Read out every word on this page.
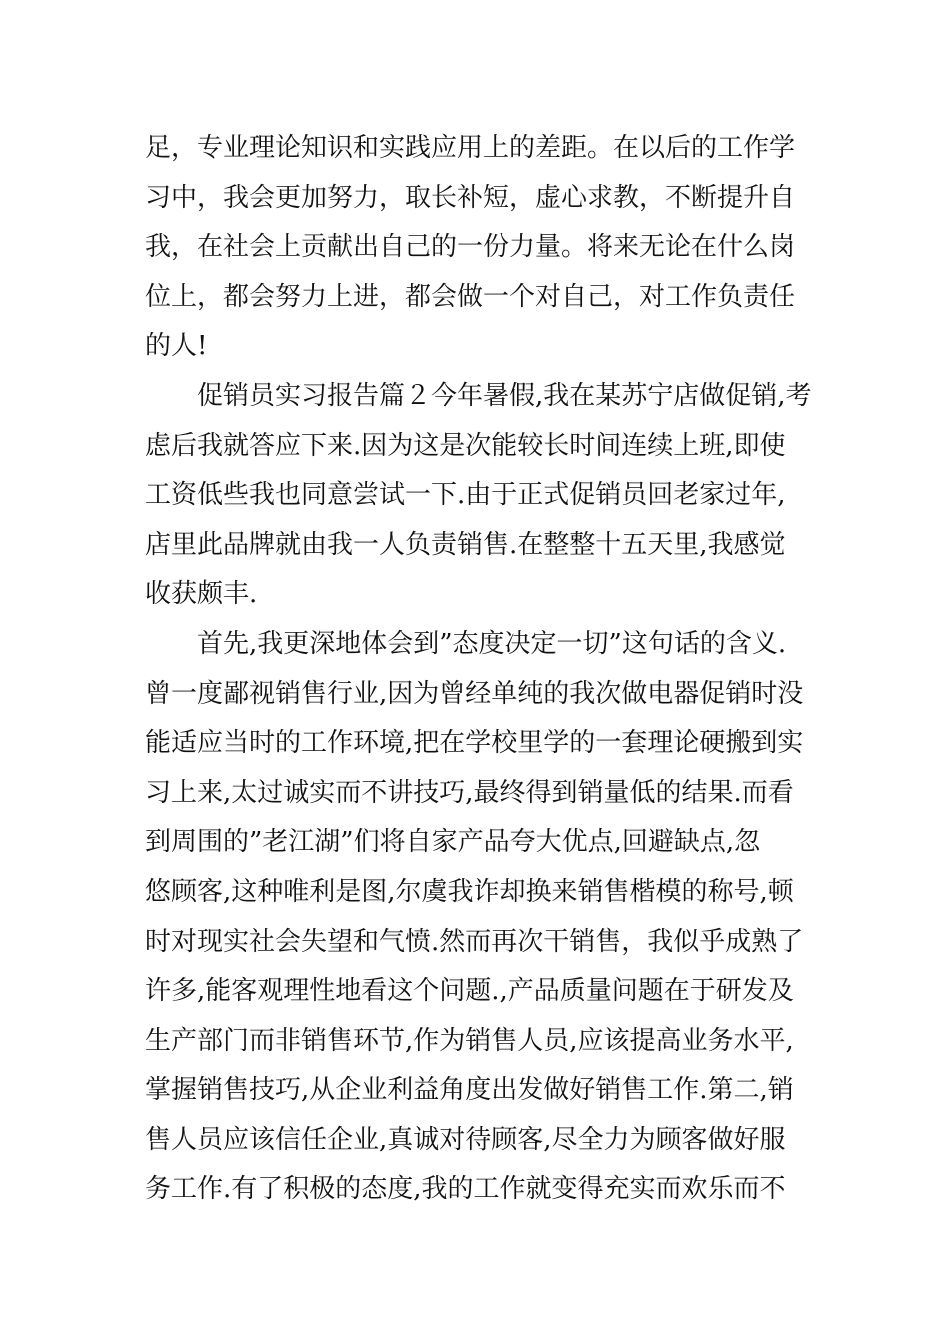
足，专业理论知识和实践应用上的差距。在以后的工作学
习中，我会更加努力，取长补短，虚心求教，不断提升自
我，在社会上贡献出自己的一份力量。将来无论在什么岗
位上，都会努力上进，都会做一个对自己，对工作负责任
的人!
促销员实习报告篇２今年暑假,我在某苏宁店做促销,考
虑后我就答应下来.因为这是次能较长时间连续上班,即使
工资低些我也同意尝试一下.由于正式促销员回老家过年,
店里此品牌就由我一人负责销售.在整整十五天里,我感觉
收获颇丰.
首先,我更深地体会到”态度决定一切”这句话的含义.
曾一度鄙视销售行业,因为曾经单纯的我次做电器促销时没
能适应当时的工作环境,把在学校里学的一套理论硬搬到实
习上来,太过诚实而不讲技巧,最终得到销量低的结果.而看
到周围的”老江湖”们将自家产品夸大优点,回避缺点,忽
悠顾客,这种唯利是图,尔虞我诈却换来销售楷模的称号,顿
时对现实社会失望和气愤.然而再次干销售，我似乎成熟了
许多,能客观理性地看这个问题.,产品质量问题在于研发及
生产部门而非销售环节,作为销售人员,应该提高业务水平,
掌握销售技巧,从企业利益角度出发做好销售工作.第二,销
售人员应该信任企业,真诚对待顾客,尽全力为顾客做好服
务工作.有了积极的态度,我的工作就变得充实而欢乐而不
